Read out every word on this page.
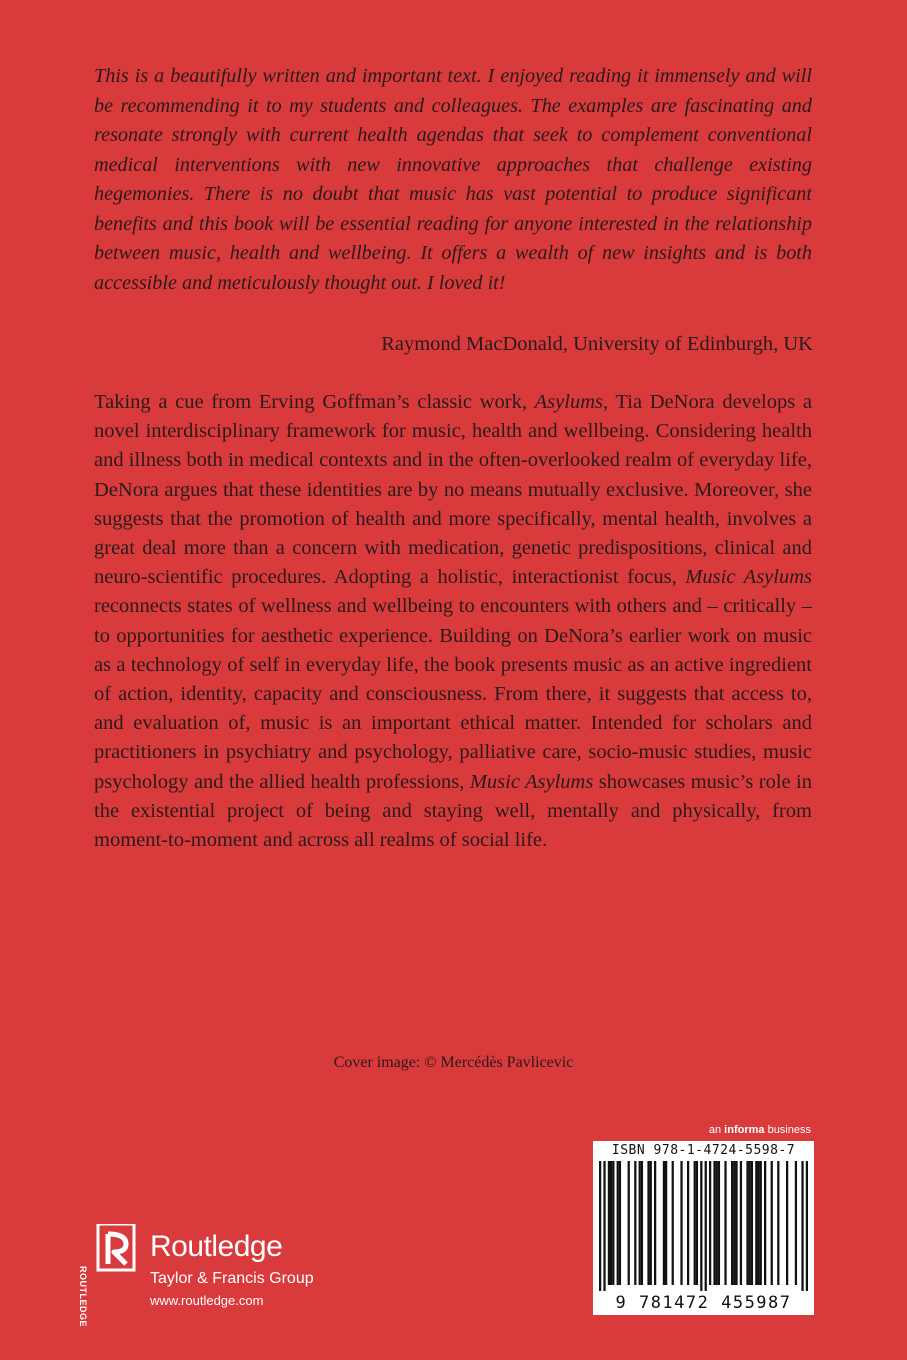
This is a beautifully written and important text. I enjoyed reading it immensely and will be recommending it to my students and colleagues. The examples are fascinating and resonate strongly with current health agendas that seek to complement conventional medical interventions with new innovative approaches that challenge existing hegemonies. There is no doubt that music has vast potential to produce significant benefits and this book will be essential reading for anyone interested in the relationship between music, health and wellbeing. It offers a wealth of new insights and is both accessible and meticulously thought out. I loved it!

Raymond MacDonald, University of Edinburgh, UK

Taking a cue from Erving Goffman’s classic work, Asylums, Tia DeNora develops a novel interdisciplinary framework for music, health and wellbeing. Considering health and illness both in medical contexts and in the often-overlooked realm of everyday life, DeNora argues that these identities are by no means mutually exclusive. Moreover, she suggests that the promotion of health and more specifically, mental health, involves a great deal more than a concern with medication, genetic predispositions, clinical and neuro-scientific procedures. Adopting a holistic, interactionist focus, Music Asylums reconnects states of wellness and wellbeing to encounters with others and – critically – to opportunities for aesthetic experience. Building on DeNora’s earlier work on music as a technology of self in everyday life, the book presents music as an active ingredient of action, identity, capacity and consciousness. From there, it suggests that access to, and evaluation of, music is an important ethical matter. Intended for scholars and practitioners in psychiatry and psychology, palliative care, socio-music studies, music psychology and the allied health professions, Music Asylums showcases music’s role in the existential project of being and staying well, mentally and physically, from moment-to-moment and across all realms of social life.

Cover image: © Mercédès Pavlicevic
an informa business
ISBN 978-1-4724-5598-7
9 781472 455987
ROUTLEDGE
Routledge
Taylor & Francis Group
www.routledge.com
